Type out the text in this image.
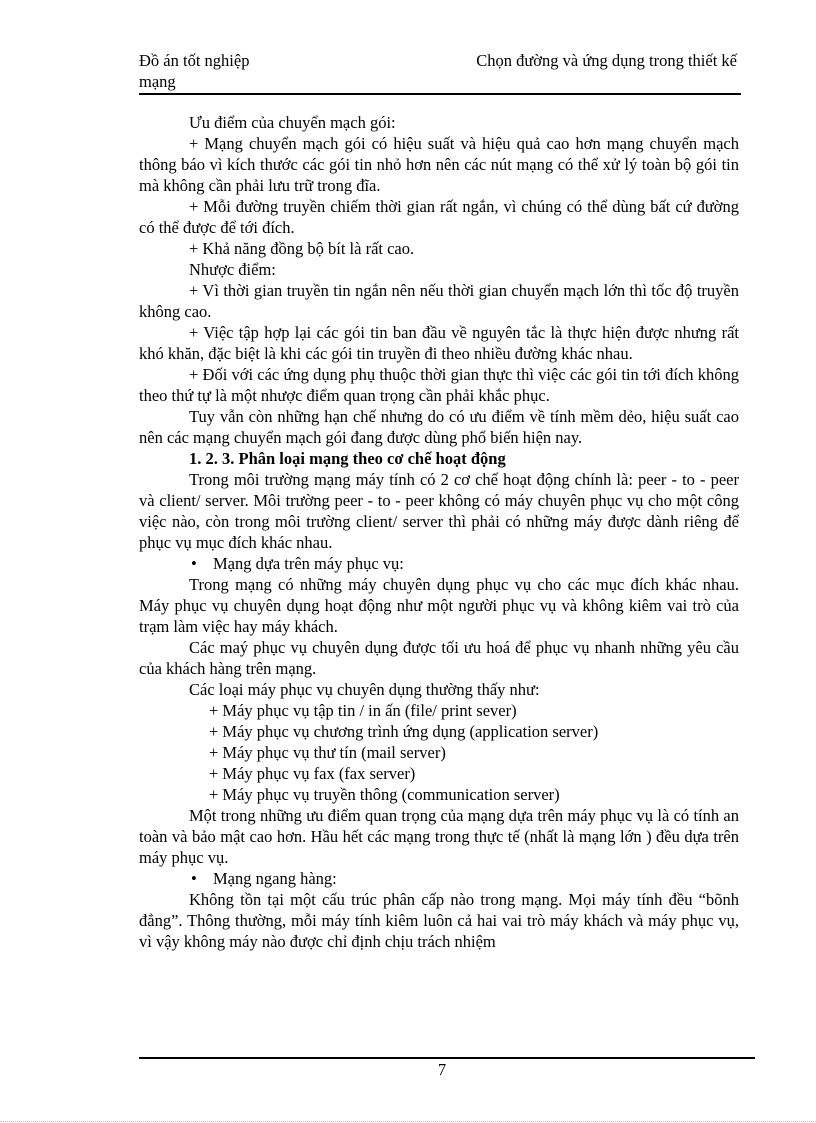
Đồ án tốt nghiệp	Chọn đường và ứng dụng trong thiết kế
mạng

Ưu điểm của chuyển mạch gói:

+ Mạng chuyển mạch gói có hiệu suất và hiệu quả cao hơn mạng chuyển mạch thông báo vì kích thước các gói tin nhỏ hơn nên các nút mạng có thể xử lý toàn bộ gói tin mà không cần phải lưu trữ trong đĩa.

+ Mỗi đường truyền chiếm thời gian rất ngắn, vì chúng có thể dùng bất cứ đường có thể được để tới đích.

+ Khả năng đồng bộ bít là rất cao.

Nhược điểm:

+ Vì thời gian truyền tin ngắn nên nếu thời gian chuyển mạch lớn thì tốc độ truyền không cao.

+ Việc tập hợp lại các gói tin ban đầu về nguyên tắc là thực hiện được nhưng rất khó khăn, đặc biệt là khi các gói tin truyền đi theo nhiều đường khác nhau.

+ Đối với các ứng dụng phụ thuộc thời gian thực thì việc các gói tin tới đích không theo thứ tự là một nhược điểm quan trọng cần phải khắc phục.

Tuy vẫn còn những hạn chế nhưng do có ưu điểm về tính mềm dẻo, hiệu suất cao nên các mạng chuyển mạch gói đang được dùng phổ biến hiện nay.

1. 2. 3. Phân loại mạng theo cơ chế hoạt động

Trong môi trường mạng máy tính có 2 cơ chế hoạt động chính là: peer - to - peer và client/ server. Môi trường peer - to - peer không có máy chuyên phục vụ cho một công việc nào, còn trong môi trường client/ server thì phải có những máy được dành riêng để phục vụ mục đích khác nhau.

• Mạng dựa trên máy phục vụ:

Trong mạng có những máy chuyên dụng phục vụ cho các mục đích khác nhau. Máy phục vụ chuyên dụng hoạt động như một người phục vụ và không kiêm vai trò của trạm làm việc hay máy khách.

Các maý phục vụ chuyên dụng được tối ưu hoá để phục vụ nhanh những yêu cầu của khách hàng trên mạng.

Các loại máy phục vụ chuyên dụng thường thấy như:

+ Máy phục vụ tập tin / in ấn (file/ print sever)

+ Máy phục vụ chương trình ứng dụng (application server)

+ Máy phục vụ thư tín (mail server)

+ Máy phục vụ fax (fax server)

+ Máy phục vụ truyền thông (communication server)

Một trong những ưu điểm quan trọng của mạng dựa trên máy phục vụ là có tính an toàn và bảo mật cao hơn. Hầu hết các mạng trong thực tế (nhất là mạng lớn ) đều dựa trên máy phục vụ.

• Mạng ngang hàng:

Không tồn tại một cấu trúc phân cấp nào trong mạng. Mọi máy tính đều “bõnh đẳng”. Thông thường, mỗi máy tính kiêm luôn cả hai vai trò máy khách và máy phục vụ, vì vậy không máy nào được chỉ định chịu trách nhiệm

7
